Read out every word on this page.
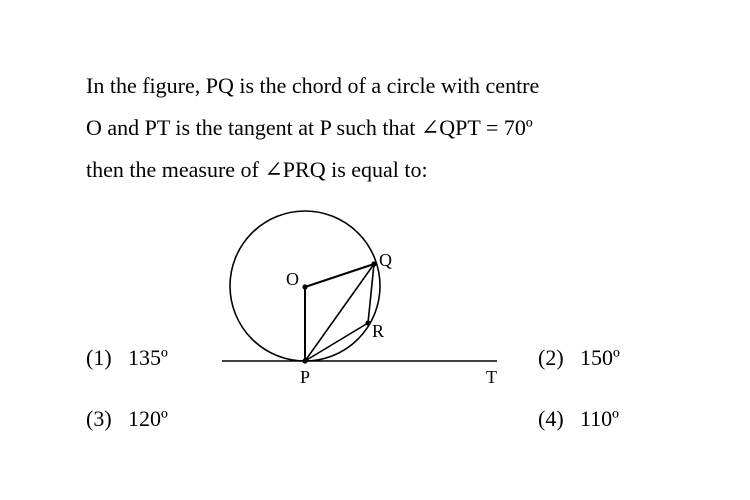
In the figure, PQ is the chord of a circle with centre
O and PT is the tangent at P such that ∠QPT = 70º
then the measure of ∠PRQ is equal to:
O
Q
R
P	T
(1) 135º	(2) 150º
(3) 120º	(4) 110º
